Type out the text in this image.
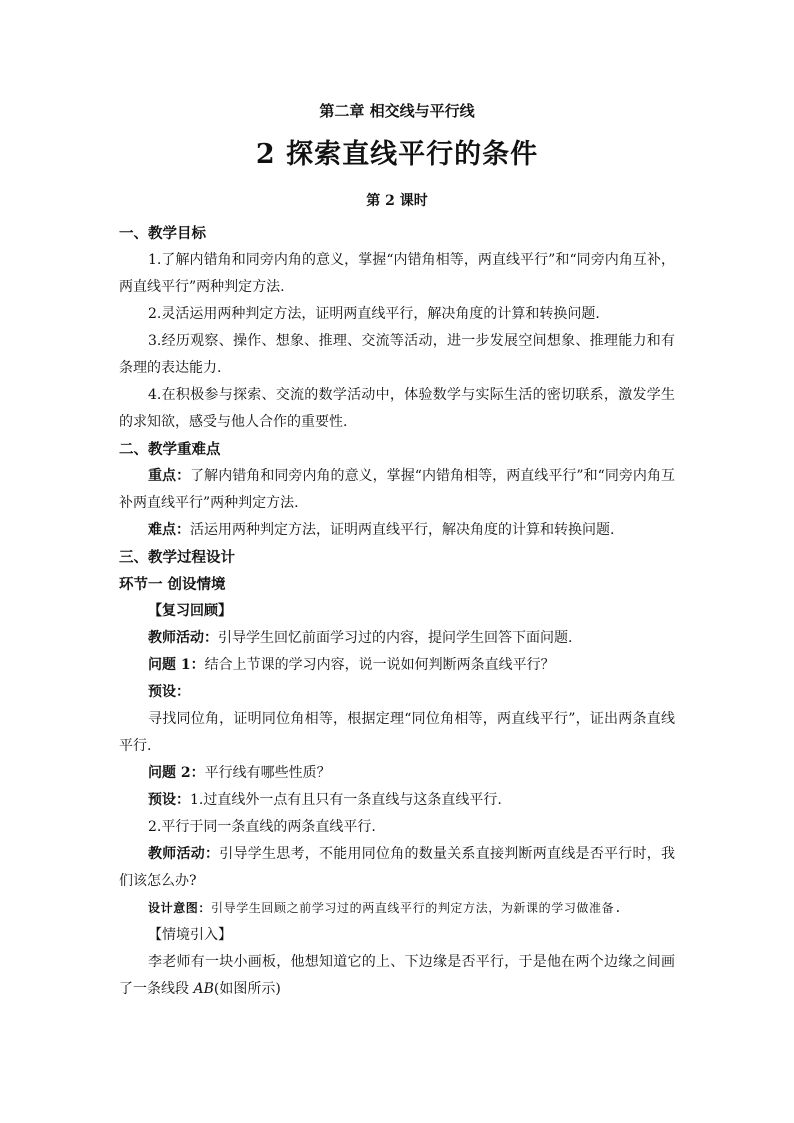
第二章 相交线与平行线
2 探索直线平行的条件
第 2 课时
一、教学目标
1.了解内错角和同旁内角的意义，掌握“内错角相等，两直线平行”和“同旁内角互补，两直线平行”两种判定方法.
2.灵活运用两种判定方法，证明两直线平行，解决角度的计算和转换问题.
3.经历观察、操作、想象、推理、交流等活动，进一步发展空间想象、推理能力和有条理的表达能力.
4.在积极参与探索、交流的数学活动中，体验数学与实际生活的密切联系，激发学生的求知欲，感受与他人合作的重要性.
二、教学重难点
重点：了解内错角和同旁内角的意义，掌握“内错角相等，两直线平行”和“同旁内角互补两直线平行”两种判定方法.
难点：活运用两种判定方法，证明两直线平行，解决角度的计算和转换问题.
三、教学过程设计
环节一 创设情境
【复习回顾】
教师活动：引导学生回忆前面学习过的内容，提问学生回答下面问题.
问题 1：结合上节课的学习内容，说一说如何判断两条直线平行？
预设：
寻找同位角，证明同位角相等，根据定理“同位角相等，两直线平行”，证出两条直线平行.
问题 2：平行线有哪些性质？
预设：1.过直线外一点有且只有一条直线与这条直线平行.
2.平行于同一条直线的两条直线平行.
教师活动：引导学生思考，不能用同位角的数量关系直接判断两直线是否平行时，我们该怎么办?
设计意图：引导学生回顾之前学习过的两直线平行的判定方法，为新课的学习做准备.
【情境引入】
李老师有一块小画板，他想知道它的上、下边缘是否平行，于是他在两个边缘之间画了一条线段 AB(如图所示)
